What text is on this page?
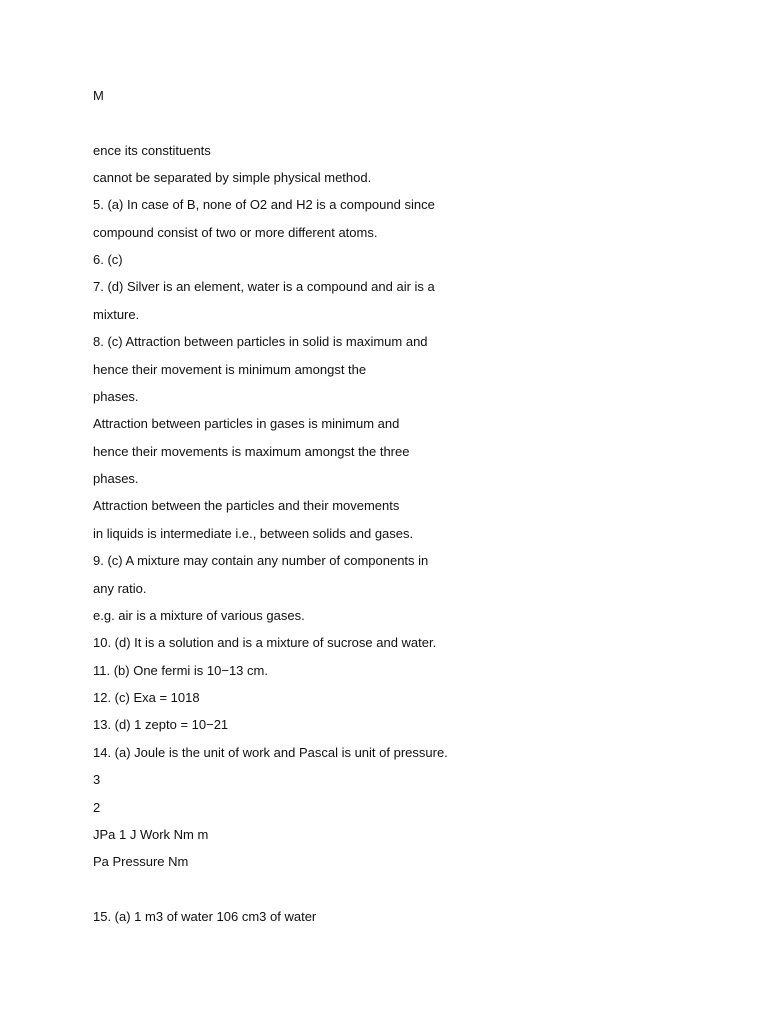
M
ence its constituents
cannot be separated by simple physical method.
5. (a) In case of B, none of O2 and H2 is a compound since
compound consist of two or more different atoms.
6. (c)
7. (d) Silver is an element, water is a compound and air is a
mixture.
8. (c) Attraction between particles in solid is maximum and
hence their movement is minimum amongst the
phases.
Attraction between particles in gases is minimum and
hence their movements is maximum amongst the three
phases.
Attraction between the particles and their movements
in liquids is intermediate i.e., between solids and gases.
9. (c) A mixture may contain any number of components in
any ratio.
e.g. air is a mixture of various gases.
10. (d) It is a solution and is a mixture of sucrose and water.
11. (b) One fermi is 10−13 cm.
12. (c) Exa = 1018
13. (d) 1 zepto = 10−21
14. (a) Joule is the unit of work and Pascal is unit of pressure.
3
2
JPa 1 J Work Nm m
Pa Pressure Nm
15. (a) 1 m3 of water 106 cm3 of water
